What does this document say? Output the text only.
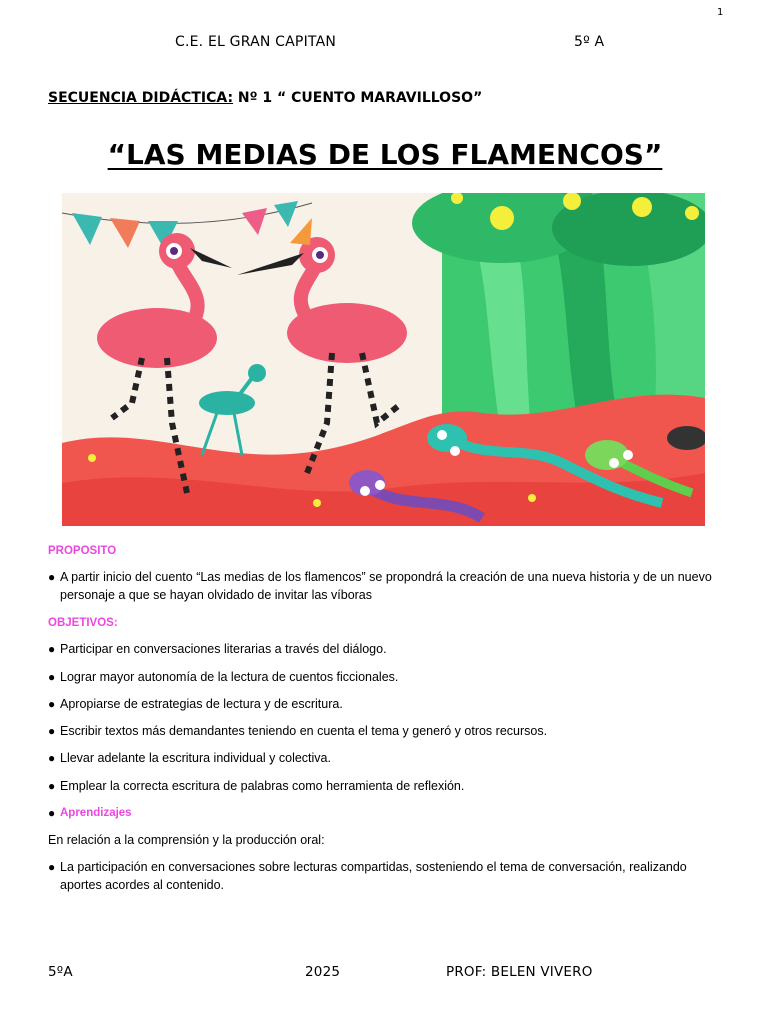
1
C.E. EL GRAN CAPITAN	5º A
SECUENCIA DIDÁCTICA: Nº 1 “ CUENTO MARAVILLOSO”
“LAS MEDIAS DE LOS FLAMENCOS”
PROPOSITO
● A partir inicio del cuento “Las medias de los flamencos” se propondrá la creación de una nueva historia y de un nuevo personaje a que se hayan olvidado de invitar las víboras
OBJETIVOS:
● Participar en conversaciones literarias a través del diálogo.
● Lograr mayor autonomía de la lectura de cuentos ficcionales.
● Apropiarse de estrategias de lectura y de escritura.
● Escribir textos más demandantes teniendo en cuenta el tema y generó y otros recursos.
● Llevar adelante la escritura individual y colectiva.
● Emplear la correcta escritura de palabras como herramienta de reflexión.
● Aprendizajes
En relación a la comprensión y la producción oral:
● La participación en conversaciones sobre lecturas compartidas, sosteniendo el tema de conversación, realizando aportes acordes al contenido.
5ºA	2025	PROF: BELEN VIVERO
